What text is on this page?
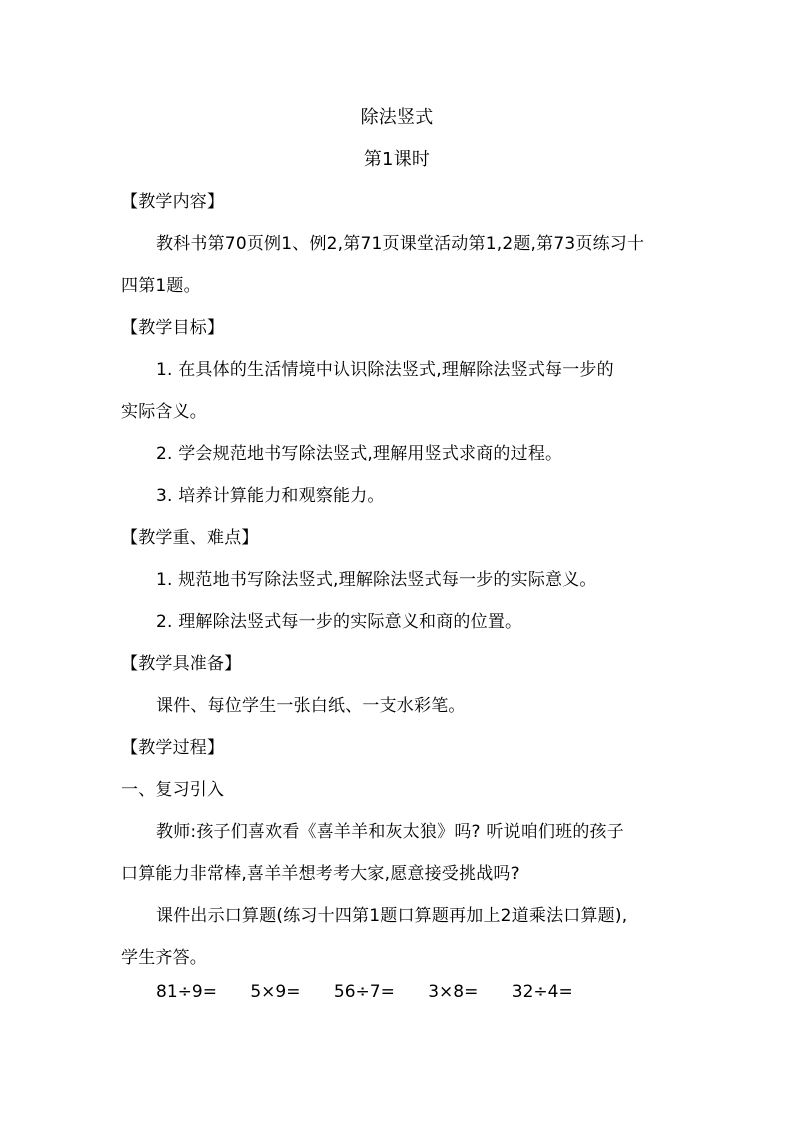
除法竖式
第1课时
【教学内容】
教科书第70页例1、例2,第71页课堂活动第1,2题,第73页练习十
四第1题。
【教学目标】
1. 在具体的生活情境中认识除法竖式,理解除法竖式每一步的
实际含义。
2. 学会规范地书写除法竖式,理解用竖式求商的过程。
3. 培养计算能力和观察能力。
【教学重、难点】
1. 规范地书写除法竖式,理解除法竖式每一步的实际意义。
2. 理解除法竖式每一步的实际意义和商的位置。
【教学具准备】
课件、每位学生一张白纸、一支水彩笔。
【教学过程】
一、复习引入
教师:孩子们喜欢看《喜羊羊和灰太狼》吗? 听说咱们班的孩子
口算能力非常棒,喜羊羊想考考大家,愿意接受挑战吗?
课件出示口算题(练习十四第1题口算题再加上2道乘法口算题),
学生齐答。
81÷9= 5×9= 56÷7= 3×8= 32÷4=
